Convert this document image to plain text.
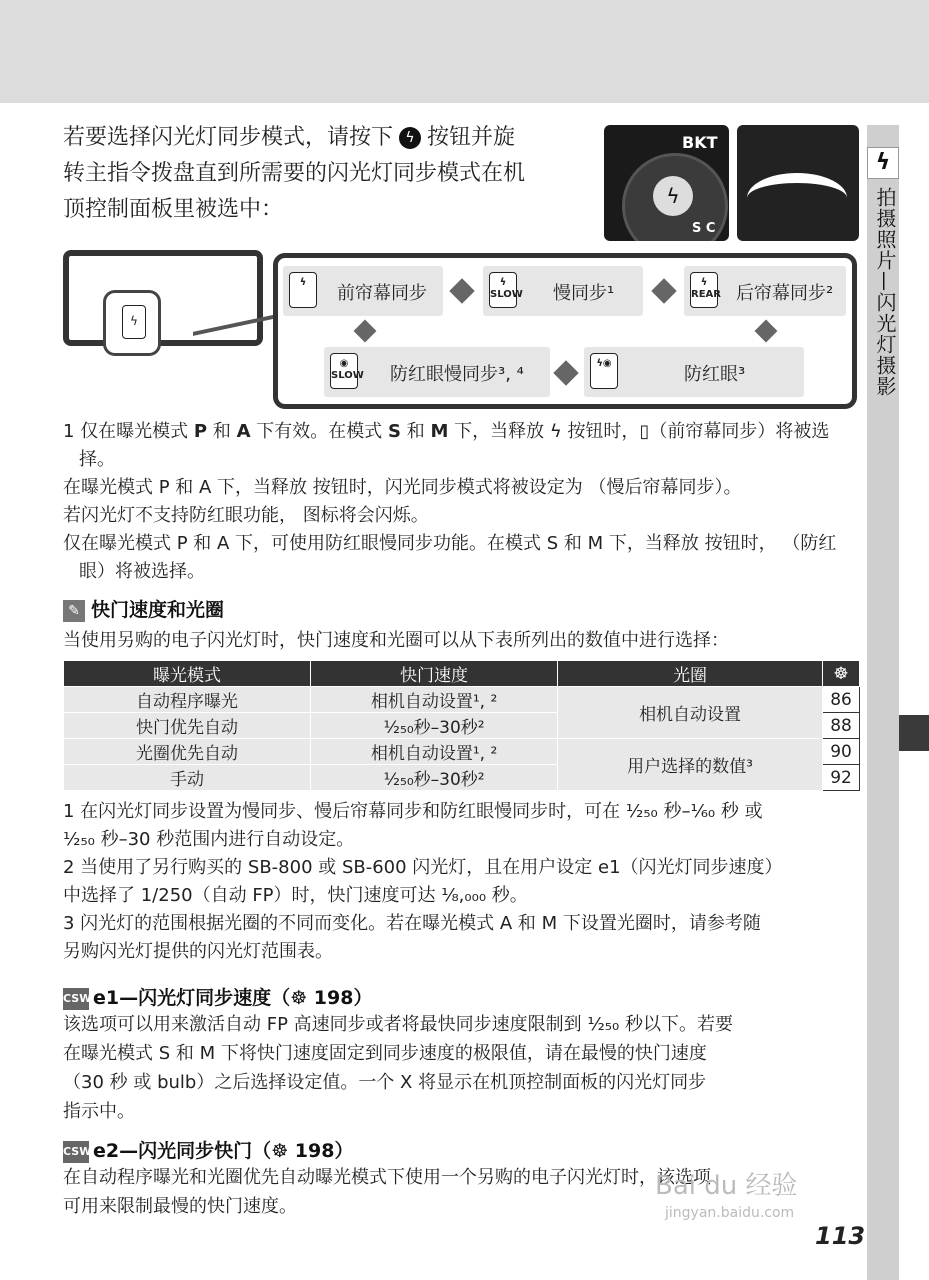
ϟ
拍摄照片—闪光灯摄影
若要选择闪光灯同步模式，请按下 ϟ 按钮并旋
转主指令拨盘直到所需要的闪光灯同步模式在机
顶控制面板里被选中：
BKT
ϟ
S C
ϟ
ϟ
前帘幕同步
ϟ
SLOW 慢同步¹
ϟ
REAR 后帘幕同步²
◉
SLOW 防红眼慢同步³, ⁴
ϟ◉
防红眼³

1 仅在曝光模式 P 和 A 下有效。在模式 S 和 M 下，当释放 ϟ 按钮时，▯（前帘幕同步）将被选择。

在曝光模式 P 和 A 下，当释放 按钮时，闪光同步模式将被设定为 （慢后帘幕同步）。

若闪光灯不支持防红眼功能， 图标将会闪烁。

仅在曝光模式 P 和 A 下，可使用防红眼慢同步功能。在模式 S 和 M 下，当释放 按钮时， （防红眼）将被选择。

✎ 快门速度和光圈
当使用另购的电子闪光灯时，快门速度和光圈可以从下表所列出的数值中进行选择：
曝光模式	快门速度	光圈	☸
自动程序曝光	相机自动设置¹, ²	相机自动设置	86
快门优先自动	¹⁄₂₅₀秒–30秒²		88
光圈优先自动	相机自动设置¹, ²	用户选择的数值³	90
手动	¹⁄₂₅₀秒–30秒²		92

1 在闪光灯同步设置为慢同步、慢后帘幕同步和防红眼慢同步时，可在 ¹⁄₂₅₀ 秒–¹⁄₆₀ 秒 或

¹⁄₂₅₀ 秒–30 秒范围内进行自动设定。

2 当使用了另行购买的 SB-800 或 SB-600 闪光灯，且在用户设定 e1（闪光灯同步速度）

中选择了 1/250（自动 FP）时，快门速度可达 ¹⁄₈,₀₀₀ 秒。

3 闪光灯的范围根据光圈的不同而变化。若在曝光模式 A 和 M 下设置光圈时，请参考随

另购闪光灯提供的闪光灯范围表。

CSWe1—闪光灯同步速度（☸ 198）
该选项可以用来激活自动 FP 高速同步或者将最快同步速度限制到 ¹⁄₂₅₀ 秒以下。若要
在曝光模式 S 和 M 下将快门速度固定到同步速度的极限值，请在最慢的快门速度
（30 秒 或 bulb）之后选择设定值。一个 X 将显示在机顶控制面板的闪光灯同步
指示中。
CSWe2—闪光同步快门（☸ 198）
在自动程序曝光和光圈优先自动曝光模式下使用一个另购的电子闪光灯时，该选项
可用来限制最慢的快门速度。
Bai du 经验
jingyan.baidu.com
113
